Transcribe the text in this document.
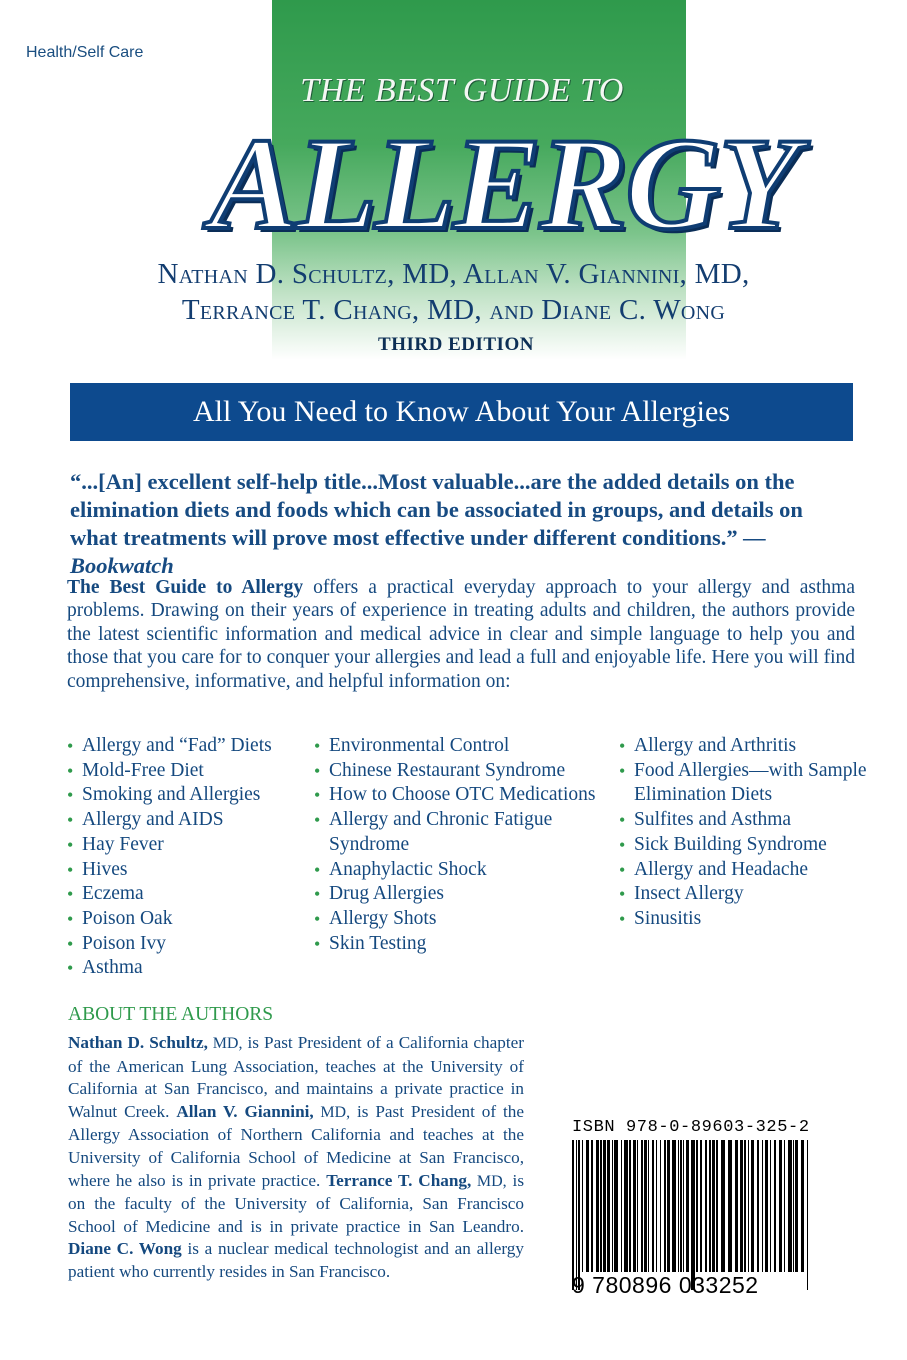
Health/Self Care
THE BEST GUIDE TO
ALLERGY
Nathan D. Schultz, MD, Allan V. Giannini, MD,
Terrance T. Chang, MD, and Diane C. Wong
THIRD EDITION
All You Need to Know About Your Allergies
“...[An] excellent self-help title...Most valuable...are the added details on the elimination diets and foods which can be associated in groups, and details on what treatments will prove most effective under different conditions.” —Bookwatch
The Best Guide to Allergy offers a practical everyday approach to your allergy and asthma problems. Drawing on their years of experience in treating adults and children, the authors provide the latest scientific information and medical advice in clear and simple language to help you and those that you care for to conquer your allergies and lead a full and enjoyable life. Here you will find comprehensive, informative, and helpful information on:
• Allergy and “Fad” Diets
• Mold-Free Diet
• Smoking and Allergies
• Allergy and AIDS
• Hay Fever
• Hives
• Eczema
• Poison Oak
• Poison Ivy
• Asthma
• Environmental Control
• Chinese Restaurant Syndrome
• How to Choose OTC Medications
• Allergy and Chronic Fatigue Syndrome
• Anaphylactic Shock
• Drug Allergies
• Allergy Shots
• Skin Testing
• Allergy and Arthritis
• Food Allergies—with Sample Elimination Diets
• Sulfites and Asthma
• Sick Building Syndrome
• Allergy and Headache
• Insect Allergy
• Sinusitis
ABOUT THE AUTHORS
Nathan D. Schultz, MD, is Past President of a California chapter of the American Lung Association, teaches at the University of California at San Francisco, and maintains a private practice in Walnut Creek. Allan V. Giannini, MD, is Past President of the Allergy Association of Northern California and teaches at the University of California School of Medicine at San Francisco, where he also is in private practice. Terrance T. Chang, MD, is on the faculty of the University of California, San Francisco School of Medicine and is in private practice in San Leandro. Diane C. Wong is a nuclear medical technologist and an allergy patient who currently resides in San Francisco.
ISBN 978-0-89603-325-2
9 780896 033252
